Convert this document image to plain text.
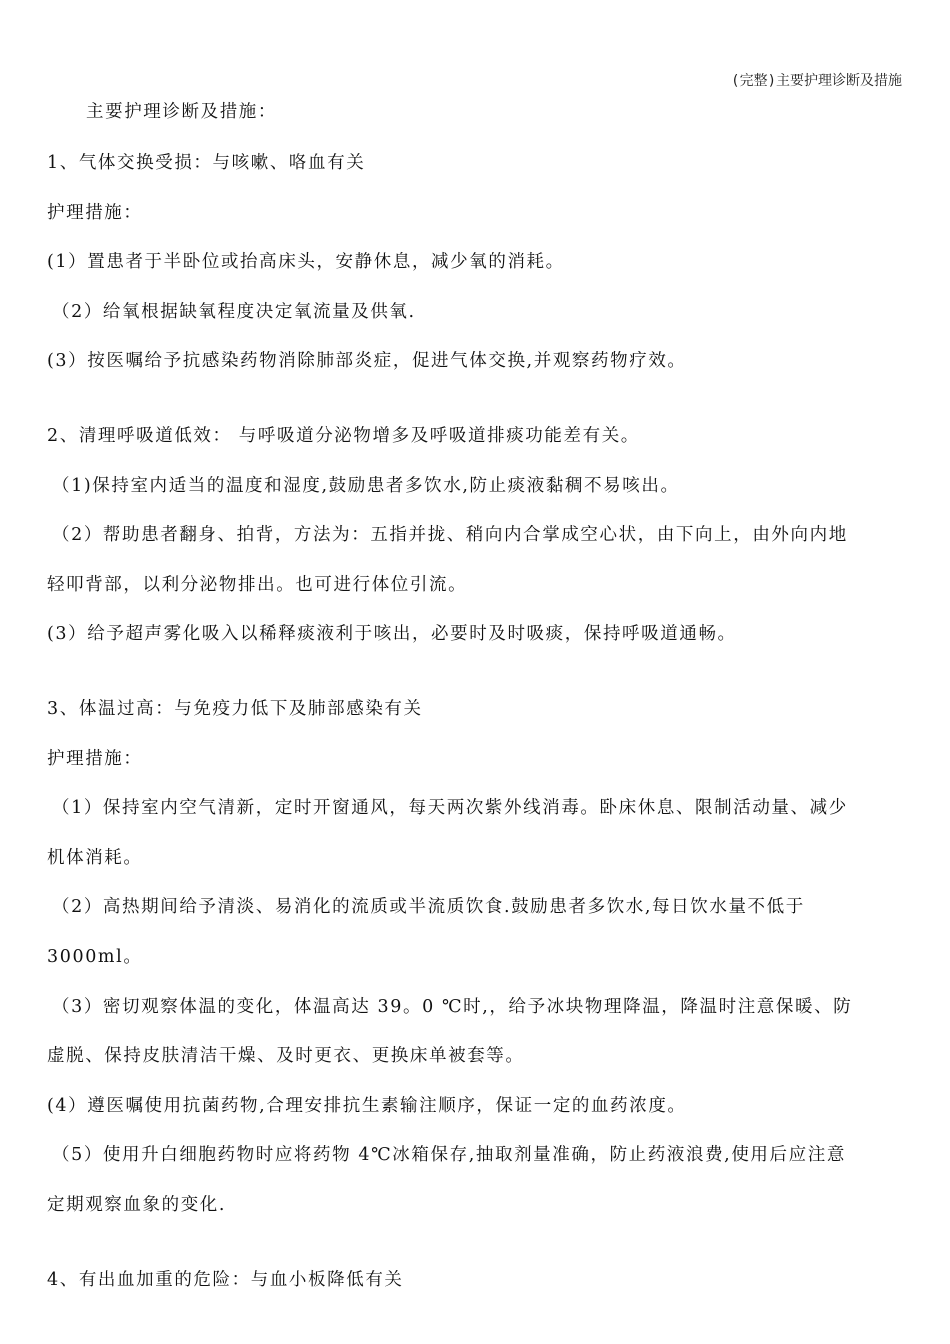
(完整)主要护理诊断及措施
主要护理诊断及措施：
1、气体交换受损：与咳嗽、咯血有关
护理措施：
(1）置患者于半卧位或抬高床头，安静休息，减少氧的消耗。
（2）给氧根据缺氧程度决定氧流量及供氧.
(3）按医嘱给予抗感染药物消除肺部炎症，促进气体交换,并观察药物疗效。
2、清理呼吸道低效： 与呼吸道分泌物增多及呼吸道排痰功能差有关。
（1)保持室内适当的温度和湿度,鼓励患者多饮水,防止痰液黏稠不易咳出。
（2）帮助患者翻身、拍背，方法为：五指并拢、稍向内合掌成空心状，由下向上，由外向内地
轻叩背部，以利分泌物排出。也可进行体位引流。
(3）给予超声雾化吸入以稀释痰液利于咳出，必要时及时吸痰，保持呼吸道通畅。
3、体温过高：与免疫力低下及肺部感染有关
护理措施：
（1）保持室内空气清新，定时开窗通风，每天两次紫外线消毒。卧床休息、限制活动量、减少
机体消耗。
（2）高热期间给予清淡、易消化的流质或半流质饮食.鼓励患者多饮水,每日饮水量不低于
3000ml。
（3）密切观察体温的变化，体温高达 39。0 ℃时,，给予冰块物理降温，降温时注意保暖、防
虚脱、保持皮肤清洁干燥、及时更衣、更换床单被套等。
(4）遵医嘱使用抗菌药物,合理安排抗生素输注顺序，保证一定的血药浓度。
（5）使用升白细胞药物时应将药物 4℃冰箱保存,抽取剂量准确，防止药液浪费,使用后应注意
定期观察血象的变化.
4、有出血加重的危险：与血小板降低有关
